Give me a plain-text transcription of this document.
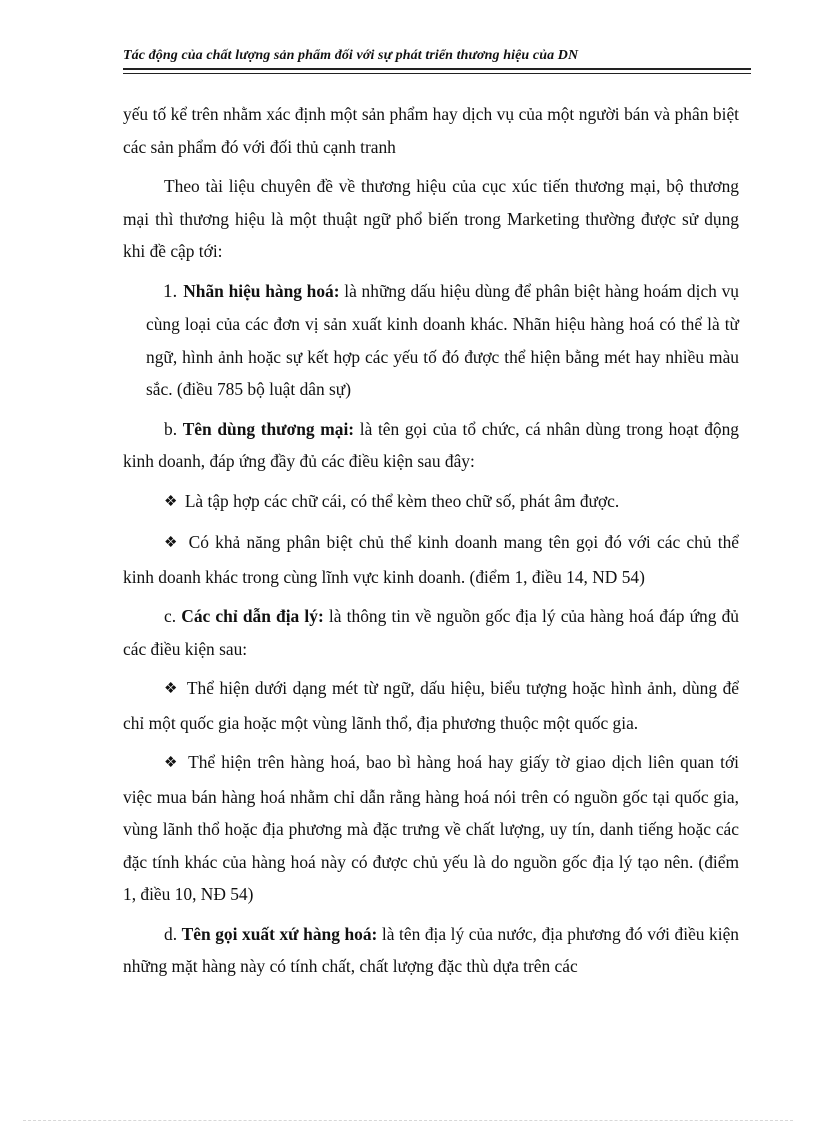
Tác động của chất lượng sản phẩm đối với sự phát triển thương hiệu của DN

yếu tố kể trên nhằm xác định một sản phẩm hay dịch vụ của một người bán và phân biệt các sản phẩm đó với đối thủ cạnh tranh

Theo tài liệu chuyên đề về thương hiệu của cục xúc tiến thương mại, bộ thương mại thì thương hiệu là một thuật ngữ phổ biến trong Marketing thường được sử dụng khi đề cập tới:

1. Nhãn hiệu hàng hoá: là những dấu hiệu dùng để phân biệt hàng hoám dịch vụ cùng loại của các đơn vị sản xuất kinh doanh khác. Nhãn hiệu hàng hoá có thể là từ ngữ, hình ảnh hoặc sự kết hợp các yếu tố đó được thể hiện bằng mét hay nhiều màu sắc. (điều 785 bộ luật dân sự)

b. Tên dùng thương mại: là tên gọi của tổ chức, cá nhân dùng trong hoạt động kinh doanh, đáp ứng đầy đủ các điều kiện sau đây:

❖ Là tập hợp các chữ cái, có thể kèm theo chữ số, phát âm được.

❖ Có khả năng phân biệt chủ thể kinh doanh mang tên gọi đó với các chủ thể kinh doanh khác trong cùng lĩnh vực kinh doanh. (điểm 1, điều 14, ND 54)

c. Các chỉ dẫn địa lý: là thông tin về nguồn gốc địa lý của hàng hoá đáp ứng đủ các điều kiện sau:

❖ Thể hiện dưới dạng mét từ ngữ, dấu hiệu, biểu tượng hoặc hình ảnh, dùng để chỉ một quốc gia hoặc một vùng lãnh thổ, địa phương thuộc một quốc gia.

❖ Thể hiện trên hàng hoá, bao bì hàng hoá hay giấy tờ giao dịch liên quan tới việc mua bán hàng hoá nhằm chỉ dẫn rằng hàng hoá nói trên có nguồn gốc tại quốc gia, vùng lãnh thổ hoặc địa phương mà đặc trưng về chất lượng, uy tín, danh tiếng hoặc các đặc tính khác của hàng hoá này có được chủ yếu là do nguồn gốc địa lý tạo nên. (điểm 1, điều 10, NĐ 54)

d. Tên gọi xuất xứ hàng hoá: là tên địa lý của nước, địa phương đó với điều kiện những mặt hàng này có tính chất, chất lượng đặc thù dựa trên các
